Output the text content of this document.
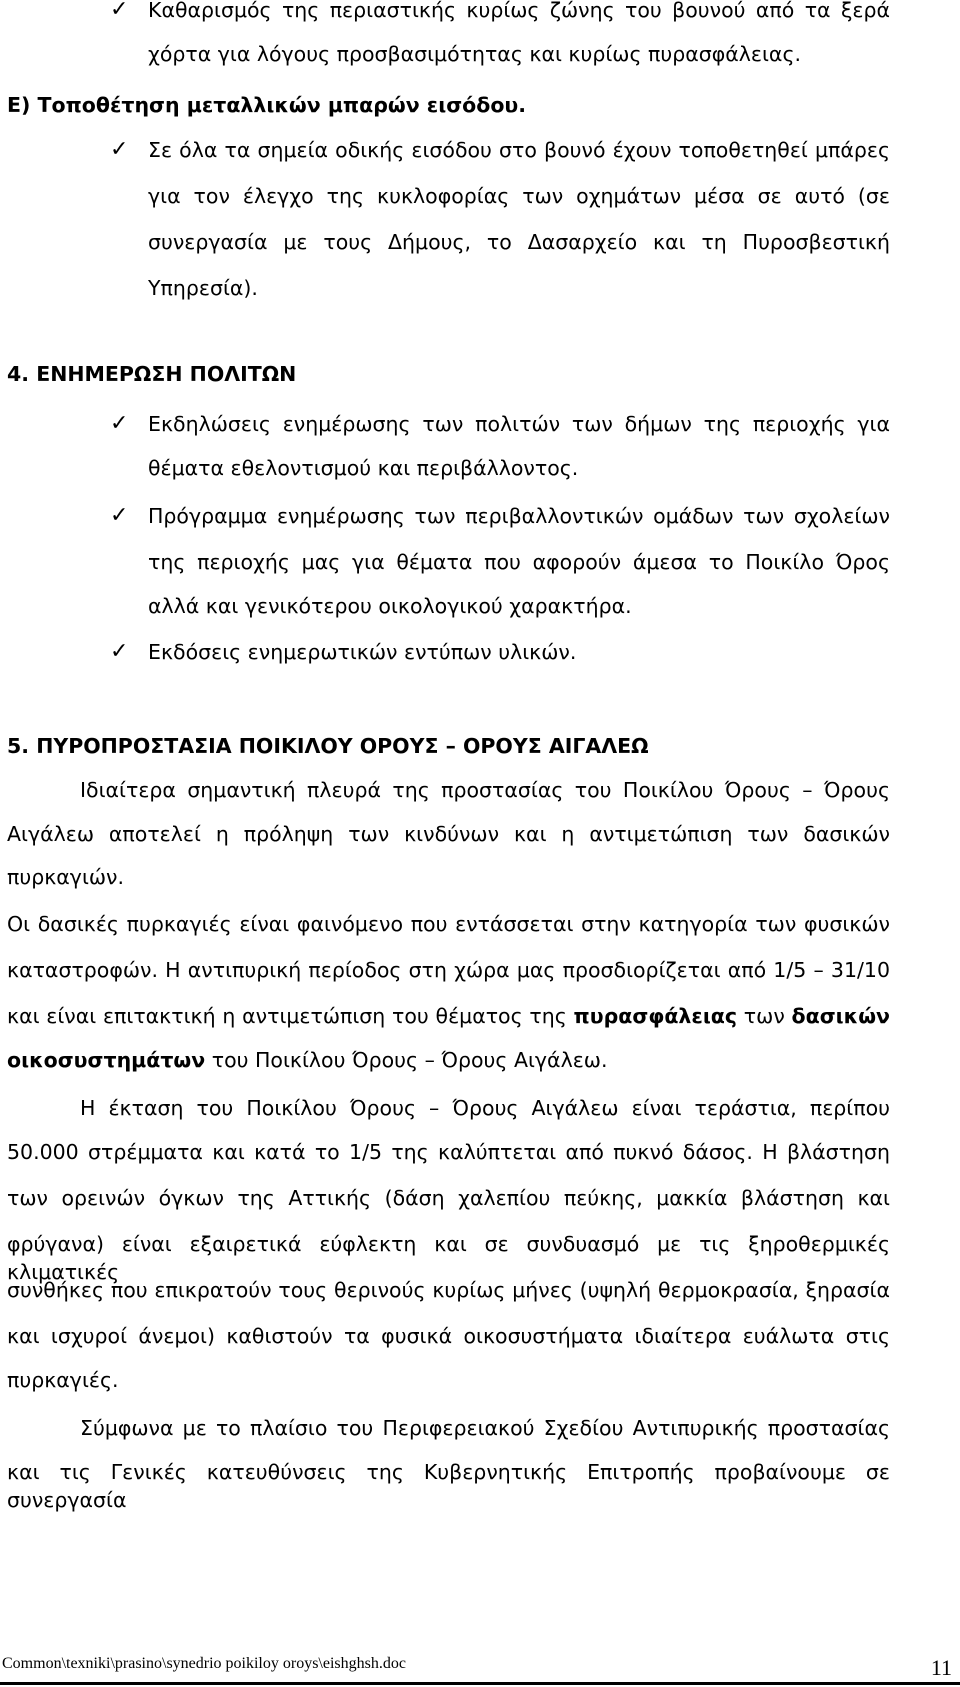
✓ Καθαρισμός της περιαστικής κυρίως ζώνης του βουνού από τα ξερά
χόρτα για λόγους προσβασιμότητας και κυρίως πυρασφάλειας.
Ε) Τοποθέτηση μεταλλικών μπαρών εισόδου.
✓ Σε όλα τα σημεία οδικής εισόδου στο βουνό έχουν τοποθετηθεί μπάρες
για τον έλεγχο της κυκλοφορίας των οχημάτων μέσα σε αυτό (σε
συνεργασία με τους Δήμους, το Δασαρχείο και τη Πυροσβεστική
Υπηρεσία).
4. ΕΝΗΜΕΡΩΣΗ ΠΟΛΙΤΩΝ
✓ Εκδηλώσεις ενημέρωσης των πολιτών των δήμων της περιοχής για
θέματα εθελοντισμού και περιβάλλοντος.
✓ Πρόγραμμα ενημέρωσης των περιβαλλοντικών ομάδων των σχολείων
της περιοχής μας για θέματα που αφορούν άμεσα το Ποικίλο Όρος
αλλά και γενικότερου οικολογικού χαρακτήρα.
✓ Εκδόσεις ενημερωτικών εντύπων υλικών.
5. ΠΥΡΟΠΡΟΣΤΑΣΙΑ ΠΟΙΚΙΛΟΥ ΟΡΟΥΣ – ΟΡΟΥΣ ΑΙΓΑΛΕΩ
Ιδιαίτερα σημαντική πλευρά της προστασίας του Ποικίλου Όρους – Όρους
Αιγάλεω αποτελεί η πρόληψη των κινδύνων και η αντιμετώπιση των δασικών
πυρκαγιών.
Οι δασικές πυρκαγιές είναι φαινόμενο που εντάσσεται στην κατηγορία των φυσικών
καταστροφών. Η αντιπυρική περίοδος στη χώρα μας προσδιορίζεται από 1/5 – 31/10
και είναι επιτακτική η αντιμετώπιση του θέματος της πυρασφάλειας των δασικών
οικοσυστημάτων του Ποικίλου Όρους – Όρους Αιγάλεω.
Η έκταση του Ποικίλου Όρους – Όρους Αιγάλεω είναι τεράστια, περίπου
50.000 στρέμματα και κατά το 1/5 της καλύπτεται από πυκνό δάσος. Η βλάστηση
των ορεινών όγκων της Αττικής (δάση χαλεπίου πεύκης, μακκία βλάστηση και
φρύγανα) είναι εξαιρετικά εύφλεκτη και σε συνδυασμό με τις ξηροθερμικές κλιματικές
συνθήκες που επικρατούν τους θερινούς κυρίως μήνες (υψηλή θερμοκρασία, ξηρασία
και ισχυροί άνεμοι) καθιστούν τα φυσικά οικοσυστήματα ιδιαίτερα ευάλωτα στις
πυρκαγιές.
Σύμφωνα με το πλαίσιο του Περιφερειακού Σχεδίου Αντιπυρικής προστασίας
και τις Γενικές κατευθύνσεις της Κυβερνητικής Επιτροπής προβαίνουμε σε συνεργασία
Common\texniki\prasino\synedrio poikiloy oroys\eishghsh.doc	11
